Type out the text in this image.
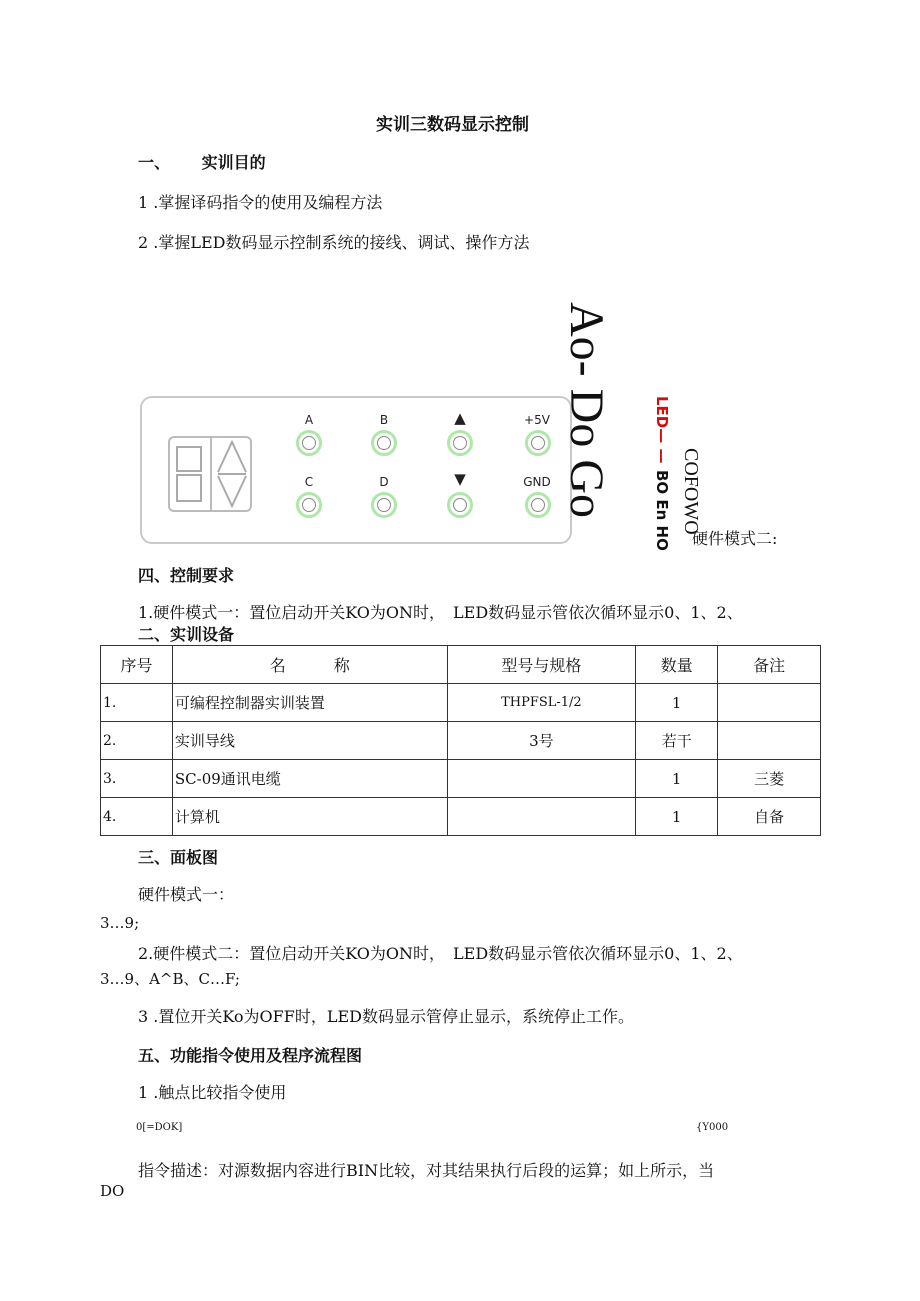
实训三数码显示控制
一、 实训目的
1 .掌握译码指令的使用及编程方法
2 .掌握LED数码显示控制系统的接线、调试、操作方法
A	B	▲	+5V
C	D	▼	GND Ao- Do Go	LED— —
BO En HO COFOWO
硬件模式二:
四、控制要求
1.硬件模式一：置位启动开关KO为ON时，　LED数码显示管依次循环显示0、1、2、
二、实训设备
序号	名　　　称	型号与规格	数量	备注
1.	可编程控制器实训装置	THPFSL-1/2	1	
2.	实训导线	3号	若干	
3.	SC-09通讯电缆		1	三菱
4.	计算机		1	自备
三、面板图
硬件模式一：
3…9;
2.硬件模式二：置位启动开关KO为ON时，　LED数码显示管依次循环显示0、1、2、
3…9、A^B、C…F;
3 .置位开关Ko为OFF时，LED数码显示管停止显示，系统停止工作。
五、功能指令使用及程序流程图
1 .触点比较指令使用
0[=DOK]	{Y000
指令描述：对源数据内容进行BIN比较，对其结果执行后段的运算；如上所示，当
DO
